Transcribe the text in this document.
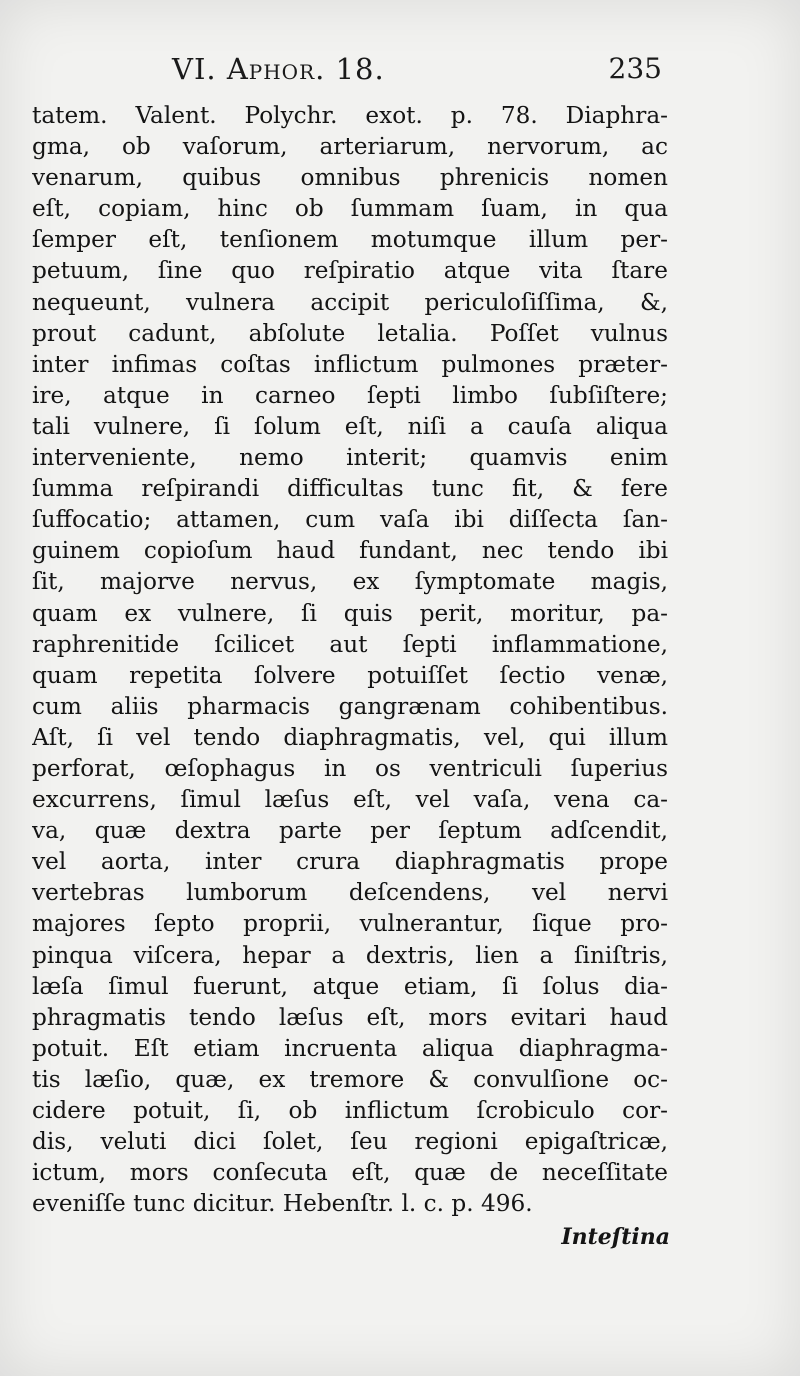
VI. Aphor. 18.	235
tatem. Valent. Polychr. exot. p. 78. Diaphra-
gma, ob vaſorum, arteriarum, nervorum, ac
venarum, quibus omnibus phrenicis nomen
eſt, copiam, hinc ob ſummam ſuam, in qua
ſemper eſt, tenſionem motumque illum per-
petuum, ſine quo reſpiratio atque vita ſtare
nequeunt, vulnera accipit periculoſiſſima, &,
prout cadunt, abſolute letalia. Poſſet vulnus
inter infimas coſtas inflictum pulmones præter-
ire, atque in carneo ſepti limbo ſubſiſtere;
tali vulnere, ſi ſolum eſt, niſi a cauſa aliqua
interveniente, nemo interit; quamvis enim
ſumma reſpirandi difficultas tunc fit, & fere
ſuffocatio; attamen, cum vaſa ibi diſſecta ſan-
guinem copioſum haud fundant, nec tendo ibi
ſit, majorve nervus, ex ſymptomate magis,
quam ex vulnere, ſi quis perit, moritur, pa-
raphrenitide ſcilicet aut ſepti inflammatione,
quam repetita ſolvere potuiſſet ſectio venæ,
cum aliis pharmacis gangrænam cohibentibus.
Aſt, ſi vel tendo diaphragmatis, vel, qui illum
perforat, œſophagus in os ventriculi ſuperius
excurrens, ſimul læſus eſt, vel vaſa, vena ca-
va, quæ dextra parte per ſeptum adſcendit,
vel aorta, inter crura diaphragmatis prope
vertebras lumborum deſcendens, vel nervi
majores ſepto proprii, vulnerantur, ſique pro-
pinqua viſcera, hepar a dextris, lien a ſiniſtris,
læſa ſimul fuerunt, atque etiam, ſi ſolus dia-
phragmatis tendo læſus eſt, mors evitari haud
potuit. Eſt etiam incruenta aliqua diaphragma-
tis læſio, quæ, ex tremore & convulſione oc-
cidere potuit, ſi, ob inflictum ſcrobiculo cor-
dis, veluti dici ſolet, ſeu regioni epigaſtricæ,
ictum, mors conſecuta eſt, quæ de neceſſitate
eveniſſe tunc dicitur. Hebenſtr. l. c. p. 496.
Inteſtina
